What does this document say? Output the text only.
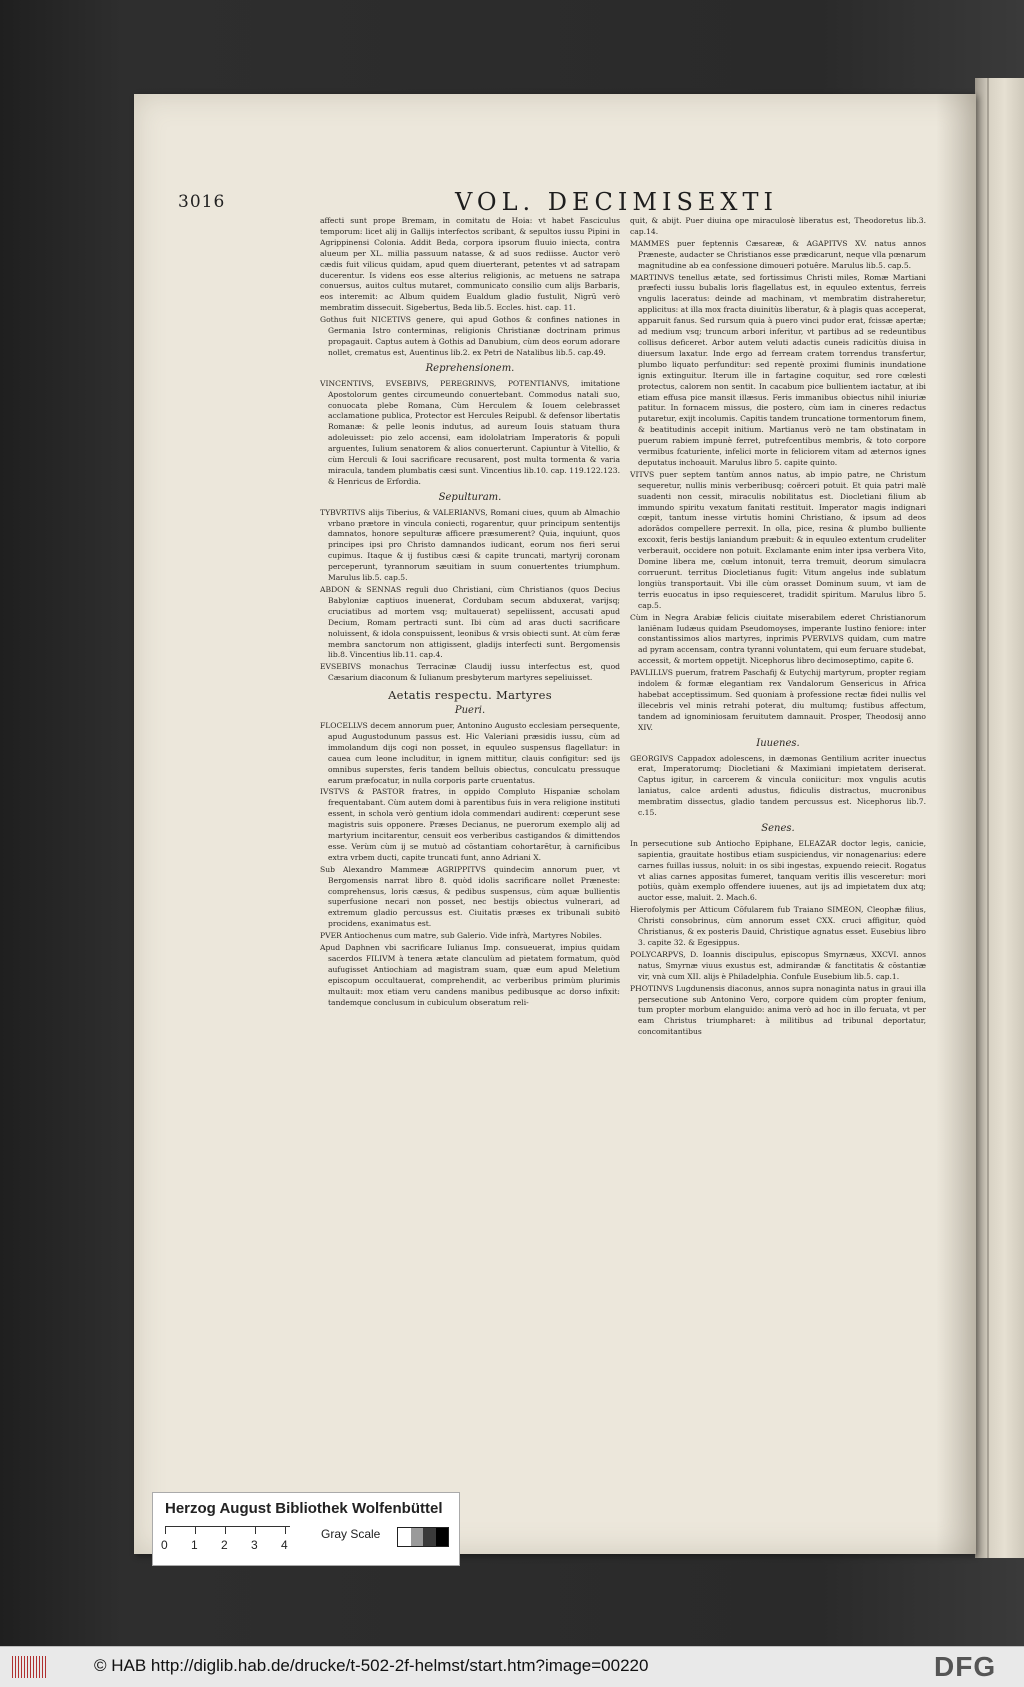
3016	VOL. DECIMISEXTI

affecti sunt prope Bremam, in comitatu de Hoia: vt habet Fasciculus temporum: licet alij in Gallijs interfectos scribant, & sepultos iussu Pipini in Agrippinensi Colonia. Addit Beda, corpora ipsorum fluuio iniecta, contra alueum per XL. millia passuum natasse, & ad suos rediisse. Auctor verò cædis fuit vilicus quidam, apud quem diuerterant, petentes vt ad satrapam ducerentur. Is videns eos esse alterius religionis, ac metuens ne satrapa conuersus, auitos cultus mutaret, communicato consilio cum alijs Barbaris, eos interemit: ac Album quidem Eualdum gladio fustulit, Nigrū verò membratim dissecuit. Sigebertus, Beda lib.5. Eccles. hist. cap. 11.

Gothus fuit NICETIVS genere, qui apud Gothos & confines nationes in Germania Istro conterminas, religionis Christianæ doctrinam primus propagauit. Captus autem à Gothis ad Danubium, cùm deos eorum adorare nollet, crematus est, Auentinus lib.2. ex Petri de Natalibus lib.5. cap.49.

Reprehensionem.

VINCENTIVS, EVSEBIVS, PEREGRINVS, POTENTIANVS, imitatione Apostolorum gentes circumeundo conuertebant. Commodus natali suo, conuocata plebe Romana, Cùm Herculem & Iouem celebrasset acclamatione publica, Protector est Hercules Reipubl. & defensor libertatis Romanæ: & pelle leonis indutus, ad aureum Iouis statuam thura adoleuisset: pio zelo accensi, eam idololatriam Imperatoris & populi arguentes, Iulium senatorem & alios conuerterunt. Capiuntur à Vitellio, & cùm Herculi & Ioui sacrificare recusarent, post multa tormenta & varia miracula, tandem plumbatis cæsi sunt. Vincentius lib.10. cap. 119.122.123. & Henricus de Erfordia.

Sepulturam.

TYBVRTIVS alijs Tiberius, & VALERIANVS, Romani ciues, quum ab Almachio vrbano prætore in vincula coniecti, rogarentur, quur principum sententijs damnatos, honore sepulturæ afficere præsumerent? Quia, inquiunt, quos principes ipsi pro Christo damnandos iudicant, eorum nos fieri serui cupimus. Itaque & ij fustibus cæsi & capite truncati, martyrij coronam perceperunt, tyrannorum sæuitiam in suum conuertentes triumphum. Marulus lib.5. cap.5.

ABDON & SENNAS reguli duo Christiani, cùm Christianos (quos Decius Babyloniæ captiuos inuenerat, Cordubam secum abduxerat, varijsq; cruciatibus ad mortem vsq; multauerat) sepeliissent, accusati apud Decium, Romam pertracti sunt. Ibi cùm ad aras ducti sacrificare noluissent, & idola conspuissent, leonibus & vrsis obiecti sunt. At cùm feræ membra sanctorum non attigissent, gladijs interfecti sunt. Bergomensis lib.8. Vincentius lib.11. cap.4.

EVSEBIVS monachus Terracinæ Claudij iussu interfectus est, quod Cæsarium diaconum & Iulianum presbyterum martyres sepeliuisset.

Aetatis respectu. Martyres

Pueri.

FLOCELLVS decem annorum puer, Antonino Augusto ecclesiam persequente, apud Augustodunum passus est. Hic Valeriani præsidis iussu, cùm ad immolandum dijs cogi non posset, in equuleo suspensus flagellatur: in cauea cum leone includitur, in ignem mittitur, clauis configitur: sed ijs omnibus superstes, feris tandem belluis obiectus, conculcatu pressuque earum præfocatur, in nulla corporis parte cruentatus.

IVSTVS & PASTOR fratres, in oppido Compluto Hispaniæ scholam frequentabant. Cùm autem domi à parentibus fuis in vera religione instituti essent, in schola verò gentium idola commendari audirent: cœperunt sese magistris suis opponere. Præses Decianus, ne puerorum exemplo alij ad martyrium incitarentur, censuit eos verberibus castigandos & dimittendos esse. Verùm cùm ij se mutuò ad cōstantiam cohortarētur, à carnificibus extra vrbem ducti, capite truncati funt, anno Adriani X.

Sub Alexandro Mammeæ AGRIPPITVS quindecim annorum puer, vt Bergomensis narrat libro 8. quòd idolis sacrificare nollet Præneste: comprehensus, loris cæsus, & pedibus suspensus, cùm aquæ bullientis superfusione necari non posset, nec bestijs obiectus vulnerari, ad extremum gladio percussus est. Ciuitatis præses ex tribunali subitò procidens, exanimatus est.

PVER Antiochenus cum matre, sub Galerio. Vide infrà, Martyres Nobiles.

Apud Daphnen vbi sacrificare Iulianus Imp. consueuerat, impius quidam sacerdos FILIVM à tenera ætate clanculùm ad pietatem formatum, quòd aufugisset Antiochiam ad magistram suam, quæ eum apud Meletium episcopum occultauerat, comprehendit, ac verberibus primùm plurimis multauit: mox etiam veru candens manibus pedibusque ac dorso infixit: tandemque conclusum in cubiculum obseratum reli-

quit, & abijt. Puer diuina ope miraculosè liberatus est, Theodoretus lib.3. cap.14.

MAMMES puer feptennis Cæsareæ, & AGAPITVS XV. natus annos Præneste, audacter se Christianos esse prædicarunt, neque vlla pœnarum magnitudine ab ea confessione dimoueri potuêre. Marulus lib.5. cap.5.

MARTINVS tenellus ætate, sed fortissimus Christi miles, Romæ Martiani præfecti iussu bubalis loris flagellatus est, in equuleo extentus, ferreis vngulis laceratus: deinde ad machinam, vt membratim distraheretur, applicitus: at illa mox fracta diuinitùs liberatur, & à plagis quas acceperat, apparuit fanus. Sed rursum quia à puero vinci pudor erat, fcissæ apertæ; ad medium vsq; truncum arbori inferitur, vt partibus ad se redeuntibus collisus deficeret. Arbor autem veluti adactis cuneis radicitùs diuisa in diuersum laxatur. Inde ergo ad ferream cratem torrendus transfertur, plumbo liquato perfunditur: sed repentè proximi fluminis inundatione ignis extinguitur. Iterum ille in fartagine coquitur, sed rore cœlesti protectus, calorem non sentit. In cacabum pice bullientem iactatur, at ibi etiam effusa pice mansit illæsus. Feris immanibus obiectus nihil iniuriæ patitur. In fornacem missus, die postero, cùm iam in cineres redactus putaretur, exijt incolumis. Capitis tandem truncatione tormentorum finem, & beatitudinis accepit initium. Martianus verò ne tam obstinatam in puerum rabiem impunè ferret, putrefcentibus membris, & toto corpore vermibus fcaturiente, infelici morte in feliciorem vitam ad æternos ignes deputatus inchoauit. Marulus libro 5. capite quinto.

VITVS puer septem tantùm annos natus, ab impio patre, ne Christum sequeretur, nullis minis verberibusq; coërceri potuit. Et quia patri malè suadenti non cessit, miraculis nobilitatus est. Diocletiani filium ab immundo spiritu vexatum fanitati restituit. Imperator magis indignari cœpit, tantum inesse virtutis homini Christiano, & ipsum ad deos adorādos compellere perrexit. In olla, pice, resina & plumbo bulliente excoxit, feris bestijs laniandum præbuit: & in equuleo extentum crudeliter verberauit, occidere non potuit. Exclamante enim inter ipsa verbera Vito, Domine libera me, cœlum intonuit, terra tremuit, deorum simulacra corruerunt. territus Diocletianus fugit: Vitum angelus inde sublatum longiùs transportauit. Vbi ille cùm orasset Dominum suum, vt iam de terris euocatus in ipso requiesceret, tradidit spiritum. Marulus libro 5. cap.5.

Cùm in Negra Arabiæ felicis ciuitate miserabilem ederet Christianorum laniēnam Iudæus quidam Pseudomoyses, imperante Iustino feniore: inter constantissimos alios martyres, inprimis PVERVLVS quidam, cum matre ad pyram accensam, contra tyranni voluntatem, qui eum feruare studebat, accessit, & mortem oppetijt. Nicephorus libro decimoseptimo, capite 6.

PAVLILLVS puerum, fratrem Paschafij & Eutychij martyrum, propter regiam indolem & formæ elegantiam rex Vandalorum Gensericus in Africa habebat acceptissimum. Sed quoniam à professione rectæ fidei nullis vel illecebris vel minis retrahi poterat, diu multumq; fustibus affectum, tandem ad ignominiosam feruitutem damnauit. Prosper, Theodosij anno XIV.

Iuuenes.

GEORGIVS Cappadox adolescens, in dæmonas Gentilium acriter inuectus erat, Imperatorumq; Diocletiani & Maximiani impietatem deriserat. Captus igitur, in carcerem & vincula coniicitur: mox vngulis acutis laniatus, calce ardenti adustus, fidiculis distractus, mucronibus membratim dissectus, gladio tandem percussus est. Nicephorus lib.7. c.15.

Senes.

In persecutione sub Antiocho Epiphane, ELEAZAR doctor legis, canicie, sapientia, grauitate hostibus etiam suspiciendus, vir nonagenarius: edere carnes fuillas iussus, noluit: in os sibi ingestas, expuendo reiecit. Rogatus vt alias carnes appositas fumeret, tanquam veritis illis vesceretur: mori potiùs, quàm exemplo offendere iuuenes, aut ijs ad impietatem dux atq; auctor esse, maluit. 2. Mach.6.

Hierofolymis per Atticum Cōfularem fub Traiano SIMEON, Cleophæ filius, Christi consobrinus, cùm annorum esset CXX. cruci affigitur, quòd Christianus, & ex posteris Dauid, Christique agnatus esset. Eusebius libro 3. capite 32. & Egesippus.

POLYCARPVS, D. Ioannis discipulus, episcopus Smyrnæus, XXCVI. annos natus, Smyrnæ viuus exustus est, admirandæ & fanctitatis & cōstantiæ vir, vnà cum XII. alijs è Philadelphia. Confule Eusebium lib.5. cap.1.

PHOTINVS Lugdunensis diaconus, annos supra nonaginta natus in graui illa persecutione sub Antonino Vero, corpore quidem cùm propter fenium, tum propter morbum elanguido: anima verò ad hoc in illo feruata, vt per eam Christus triumpharet: à militibus ad tribunal deportatur, concomitantibus

Herzog August Bibliothek Wolfenbüttel
0 1 2 3 4
Gray Scale
© HAB http://diglib.hab.de/drucke/t-502-2f-helmst/start.htm?image=00220	DFG
